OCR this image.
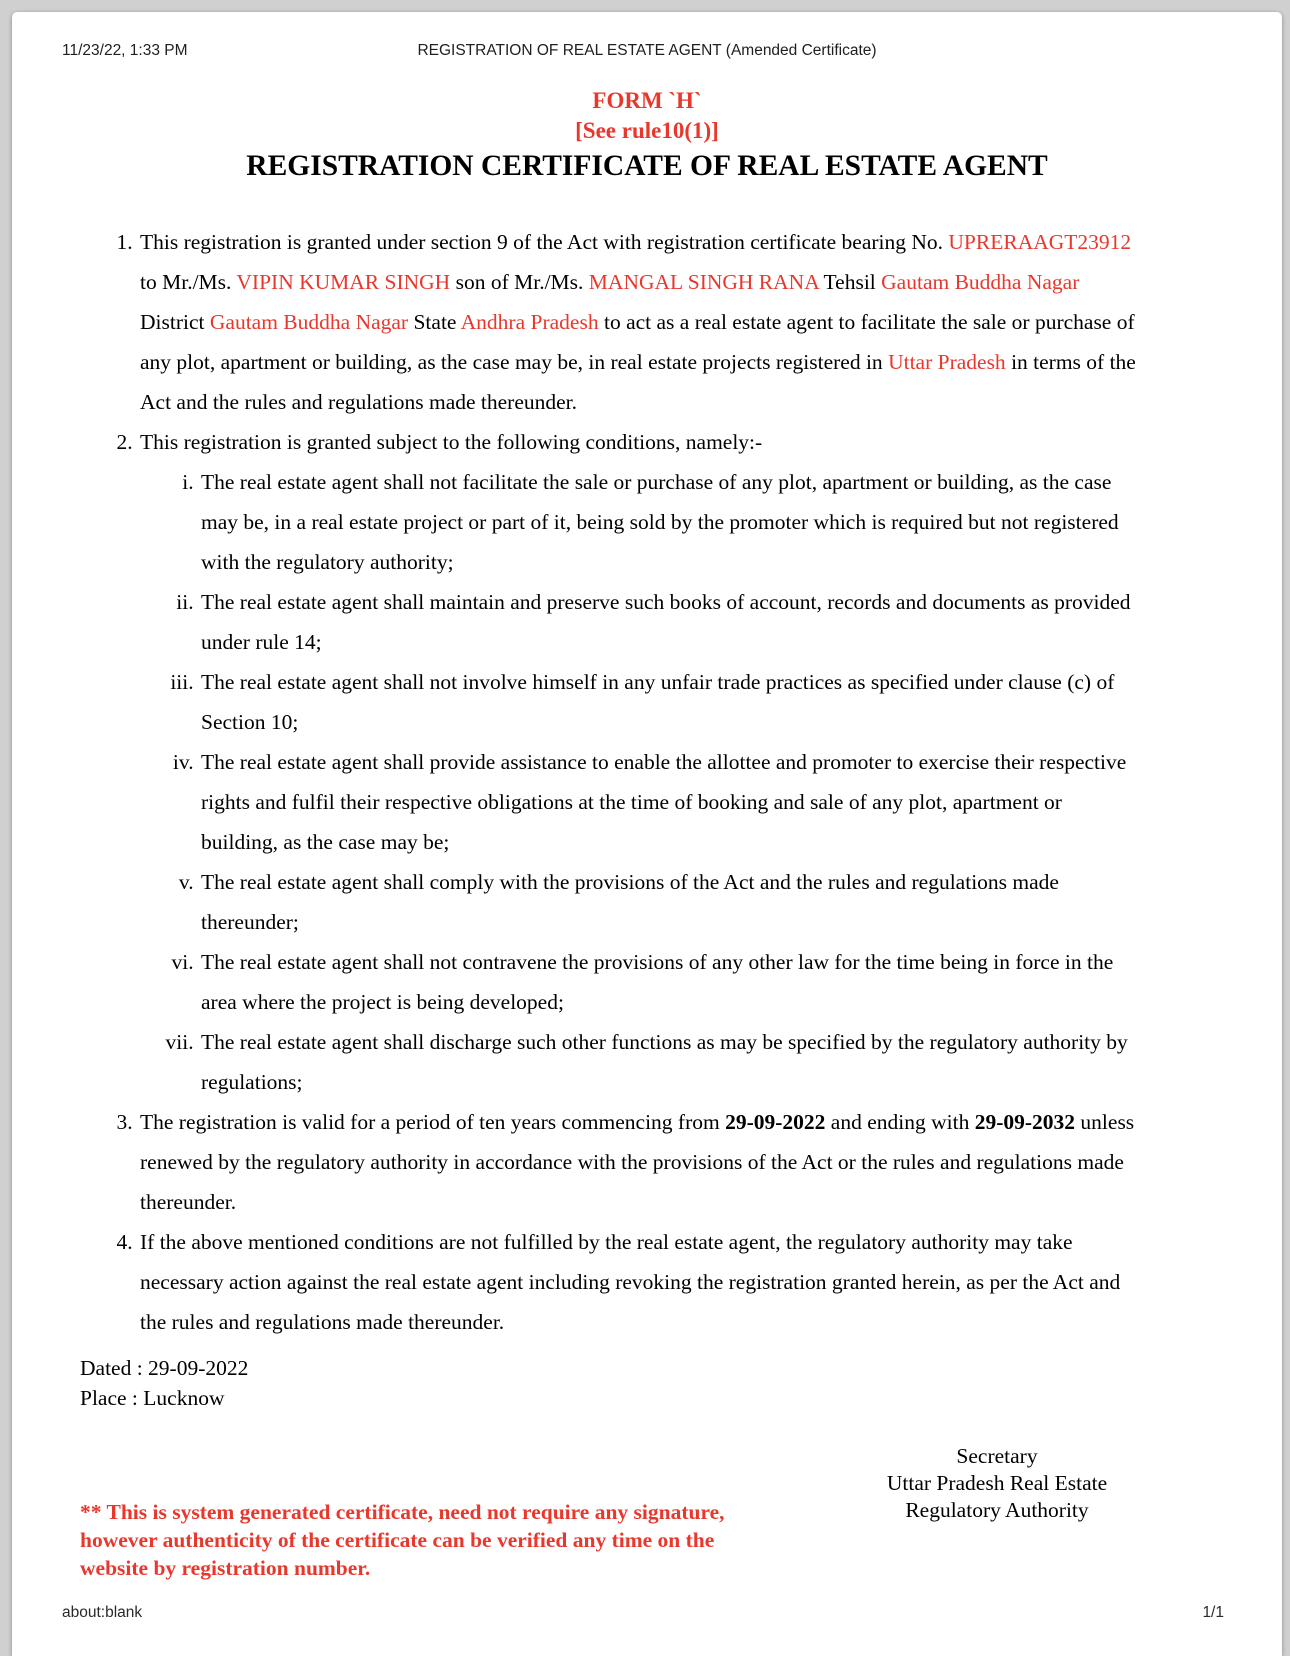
11/23/22, 1:33 PM	REGISTRATION OF REAL ESTATE AGENT (Amended Certificate)
FORM `H`
[See rule10(1)]
REGISTRATION CERTIFICATE OF REAL ESTATE AGENT
1. This registration is granted under section 9 of the Act with registration certificate bearing No. UPRERAAGT23912 to Mr./Ms. VIPIN KUMAR SINGH son of Mr./Ms. MANGAL SINGH RANA Tehsil Gautam Buddha Nagar District Gautam Buddha Nagar State Andhra Pradesh to act as a real estate agent to facilitate the sale or purchase of any plot, apartment or building, as the case may be, in real estate projects registered in Uttar Pradesh in terms of the Act and the rules and regulations made thereunder.
2. This registration is granted subject to the following conditions, namely:-
i. The real estate agent shall not facilitate the sale or purchase of any plot, apartment or building, as the case may be, in a real estate project or part of it, being sold by the promoter which is required but not registered with the regulatory authority;
ii. The real estate agent shall maintain and preserve such books of account, records and documents as provided under rule 14;
iii. The real estate agent shall not involve himself in any unfair trade practices as specified under clause (c) of Section 10;
iv. The real estate agent shall provide assistance to enable the allottee and promoter to exercise their respective rights and fulfil their respective obligations at the time of booking and sale of any plot, apartment or building, as the case may be;
v. The real estate agent shall comply with the provisions of the Act and the rules and regulations made thereunder;
vi. The real estate agent shall not contravene the provisions of any other law for the time being in force in the area where the project is being developed;
vii. The real estate agent shall discharge such other functions as may be specified by the regulatory authority by regulations;
3. The registration is valid for a period of ten years commencing from 29-09-2022 and ending with 29-09-2032 unless renewed by the regulatory authority in accordance with the provisions of the Act or the rules and regulations made thereunder.
4. If the above mentioned conditions are not fulfilled by the real estate agent, the regulatory authority may take necessary action against the real estate agent including revoking the registration granted herein, as per the Act and the rules and regulations made thereunder.
Dated : 29-09-2022
Place : Lucknow
Secretary
Uttar Pradesh Real Estate
Regulatory Authority
** This is system generated certificate, need not require any signature,
however authenticity of the certificate can be verified any time on the
website by registration number.
about:blank	1/1
